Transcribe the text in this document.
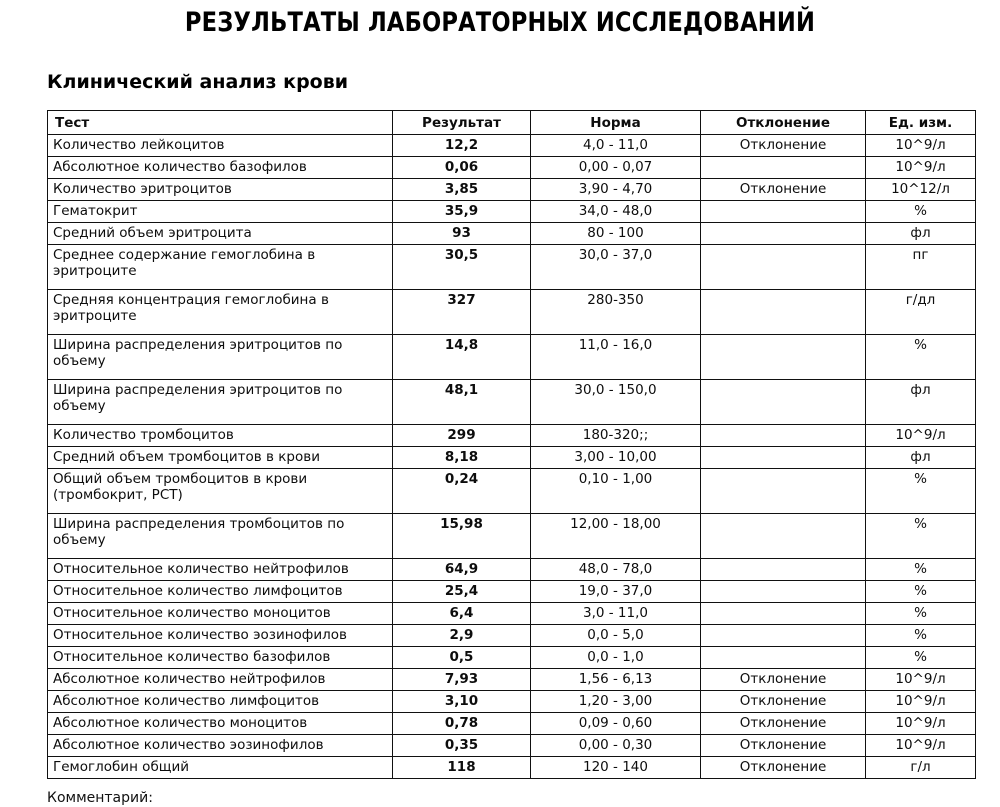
РЕЗУЛЬТАТЫ ЛАБОРАТОРНЫХ ИССЛЕДОВАНИЙ
Клинический анализ крови
Тест	Результат	Норма	Отклонение	Ед. изм.
Количество лейкоцитов	12,2	4,0 - 11,0	Отклонение	10^9/л
Абсолютное количество базофилов	0,06	0,00 - 0,07		10^9/л
Количество эритроцитов	3,85	3,90 - 4,70	Отклонение	10^12/л
Гематокрит	35,9	34,0 - 48,0		%
Средний объем эритроцита	93	80 - 100		фл
Среднее содержание гемоглобина в эритроците	30,5	30,0 - 37,0		пг
Средняя концентрация гемоглобина в эритроците	327	280-350		г/дл
Ширина распределения эритроцитов по объему	14,8	11,0 - 16,0		%
Ширина распределения эритроцитов по объему	48,1	30,0 - 150,0		фл
Количество тромбоцитов	299	180-320;;		10^9/л
Средний объем тромбоцитов в крови	8,18	3,00 - 10,00		фл
Общий объем тромбоцитов в крови (тромбокрит, PCT)	0,24	0,10 - 1,00		%
Ширина распределения тромбоцитов по объему	15,98	12,00 - 18,00		%
Относительное количество нейтрофилов	64,9	48,0 - 78,0		%
Относительное количество лимфоцитов	25,4	19,0 - 37,0		%
Относительное количество моноцитов	6,4	3,0 - 11,0		%
Относительное количество эозинофилов	2,9	0,0 - 5,0		%
Относительное количество базофилов	0,5	0,0 - 1,0		%
Абсолютное количество нейтрофилов	7,93	1,56 - 6,13	Отклонение	10^9/л
Абсолютное количество лимфоцитов	3,10	1,20 - 3,00	Отклонение	10^9/л
Абсолютное количество моноцитов	0,78	0,09 - 0,60	Отклонение	10^9/л
Абсолютное количество эозинофилов	0,35	0,00 - 0,30	Отклонение	10^9/л
Гемоглобин общий	118	120 - 140	Отклонение	г/л
Комментарий:
